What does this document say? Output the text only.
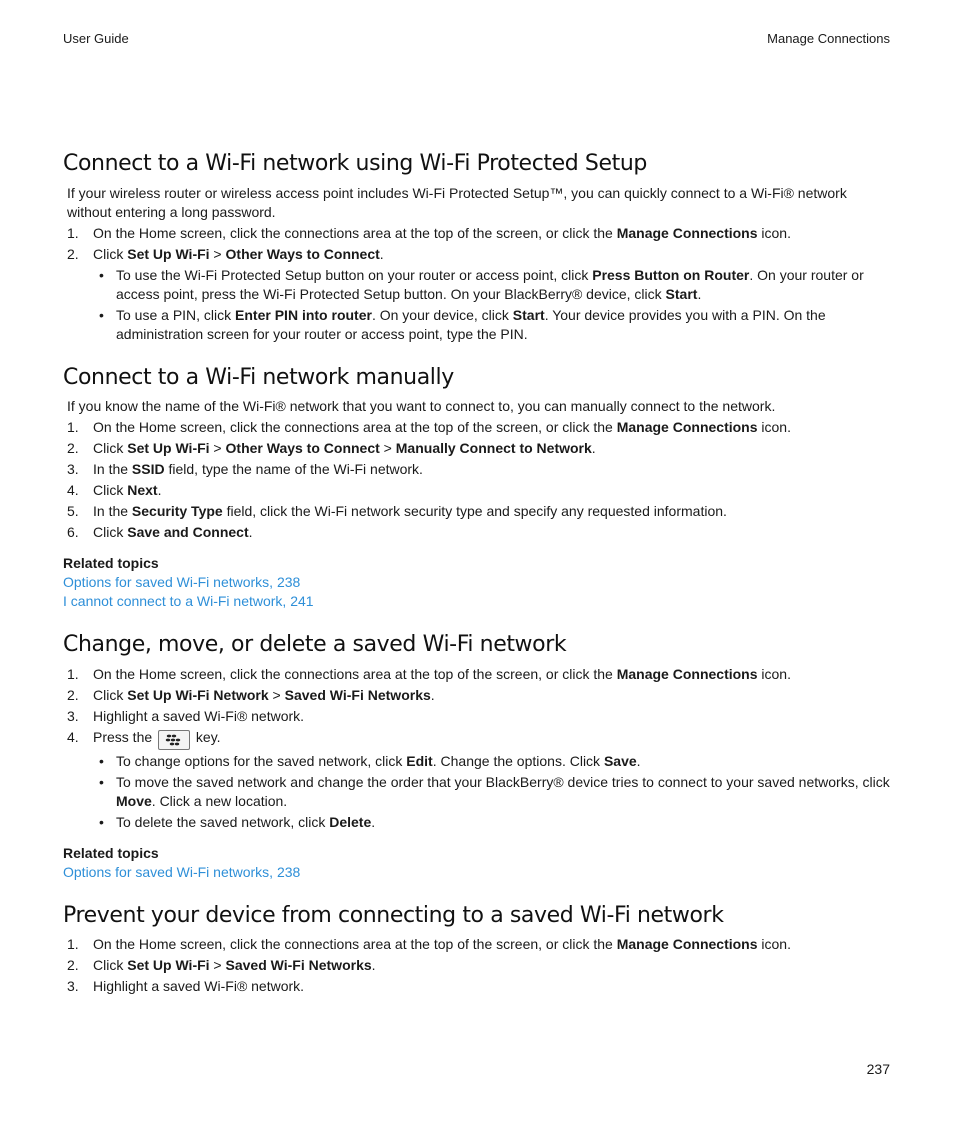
User Guide	Manage Connections
Connect to a Wi-Fi network using Wi-Fi Protected Setup

If your wireless router or wireless access point includes Wi-Fi Protected Setup™, you can quickly connect to a Wi-Fi® network without entering a long password.

1. On the Home screen, click the connections area at the top of the screen, or click the Manage Connections icon.
2. Click Set Up Wi-Fi > Other Ways to Connect.
• To use the Wi-Fi Protected Setup button on your router or access point, click Press Button on Router. On your router or access point, press the Wi-Fi Protected Setup button. On your BlackBerry® device, click Start.
• To use a PIN, click Enter PIN into router. On your device, click Start. Your device provides you with a PIN. On the administration screen for your router or access point, type the PIN.
Connect to a Wi-Fi network manually

If you know the name of the Wi-Fi® network that you want to connect to, you can manually connect to the network.

1. On the Home screen, click the connections area at the top of the screen, or click the Manage Connections icon.
2. Click Set Up Wi-Fi > Other Ways to Connect > Manually Connect to Network.
3. In the SSID field, type the name of the Wi-Fi network.
4. Click Next.
5. In the Security Type field, click the Wi-Fi network security type and specify any requested information.
6. Click Save and Connect.
Related topics
Options for saved Wi-Fi networks, 238
I cannot connect to a Wi-Fi network, 241
Change, move, or delete a saved Wi-Fi network
1. On the Home screen, click the connections area at the top of the screen, or click the Manage Connections icon.
2. Click Set Up Wi-Fi Network > Saved Wi-Fi Networks.
3. Highlight a saved Wi-Fi® network.
4. Press the	key.
• To change options for the saved network, click Edit. Change the options. Click Save.
• To move the saved network and change the order that your BlackBerry® device tries to connect to your saved networks, click Move. Click a new location.
• To delete the saved network, click Delete.
Related topics
Options for saved Wi-Fi networks, 238
Prevent your device from connecting to a saved Wi-Fi network
1. On the Home screen, click the connections area at the top of the screen, or click the Manage Connections icon.
2. Click Set Up Wi-Fi > Saved Wi-Fi Networks.
3. Highlight a saved Wi-Fi® network.
237
